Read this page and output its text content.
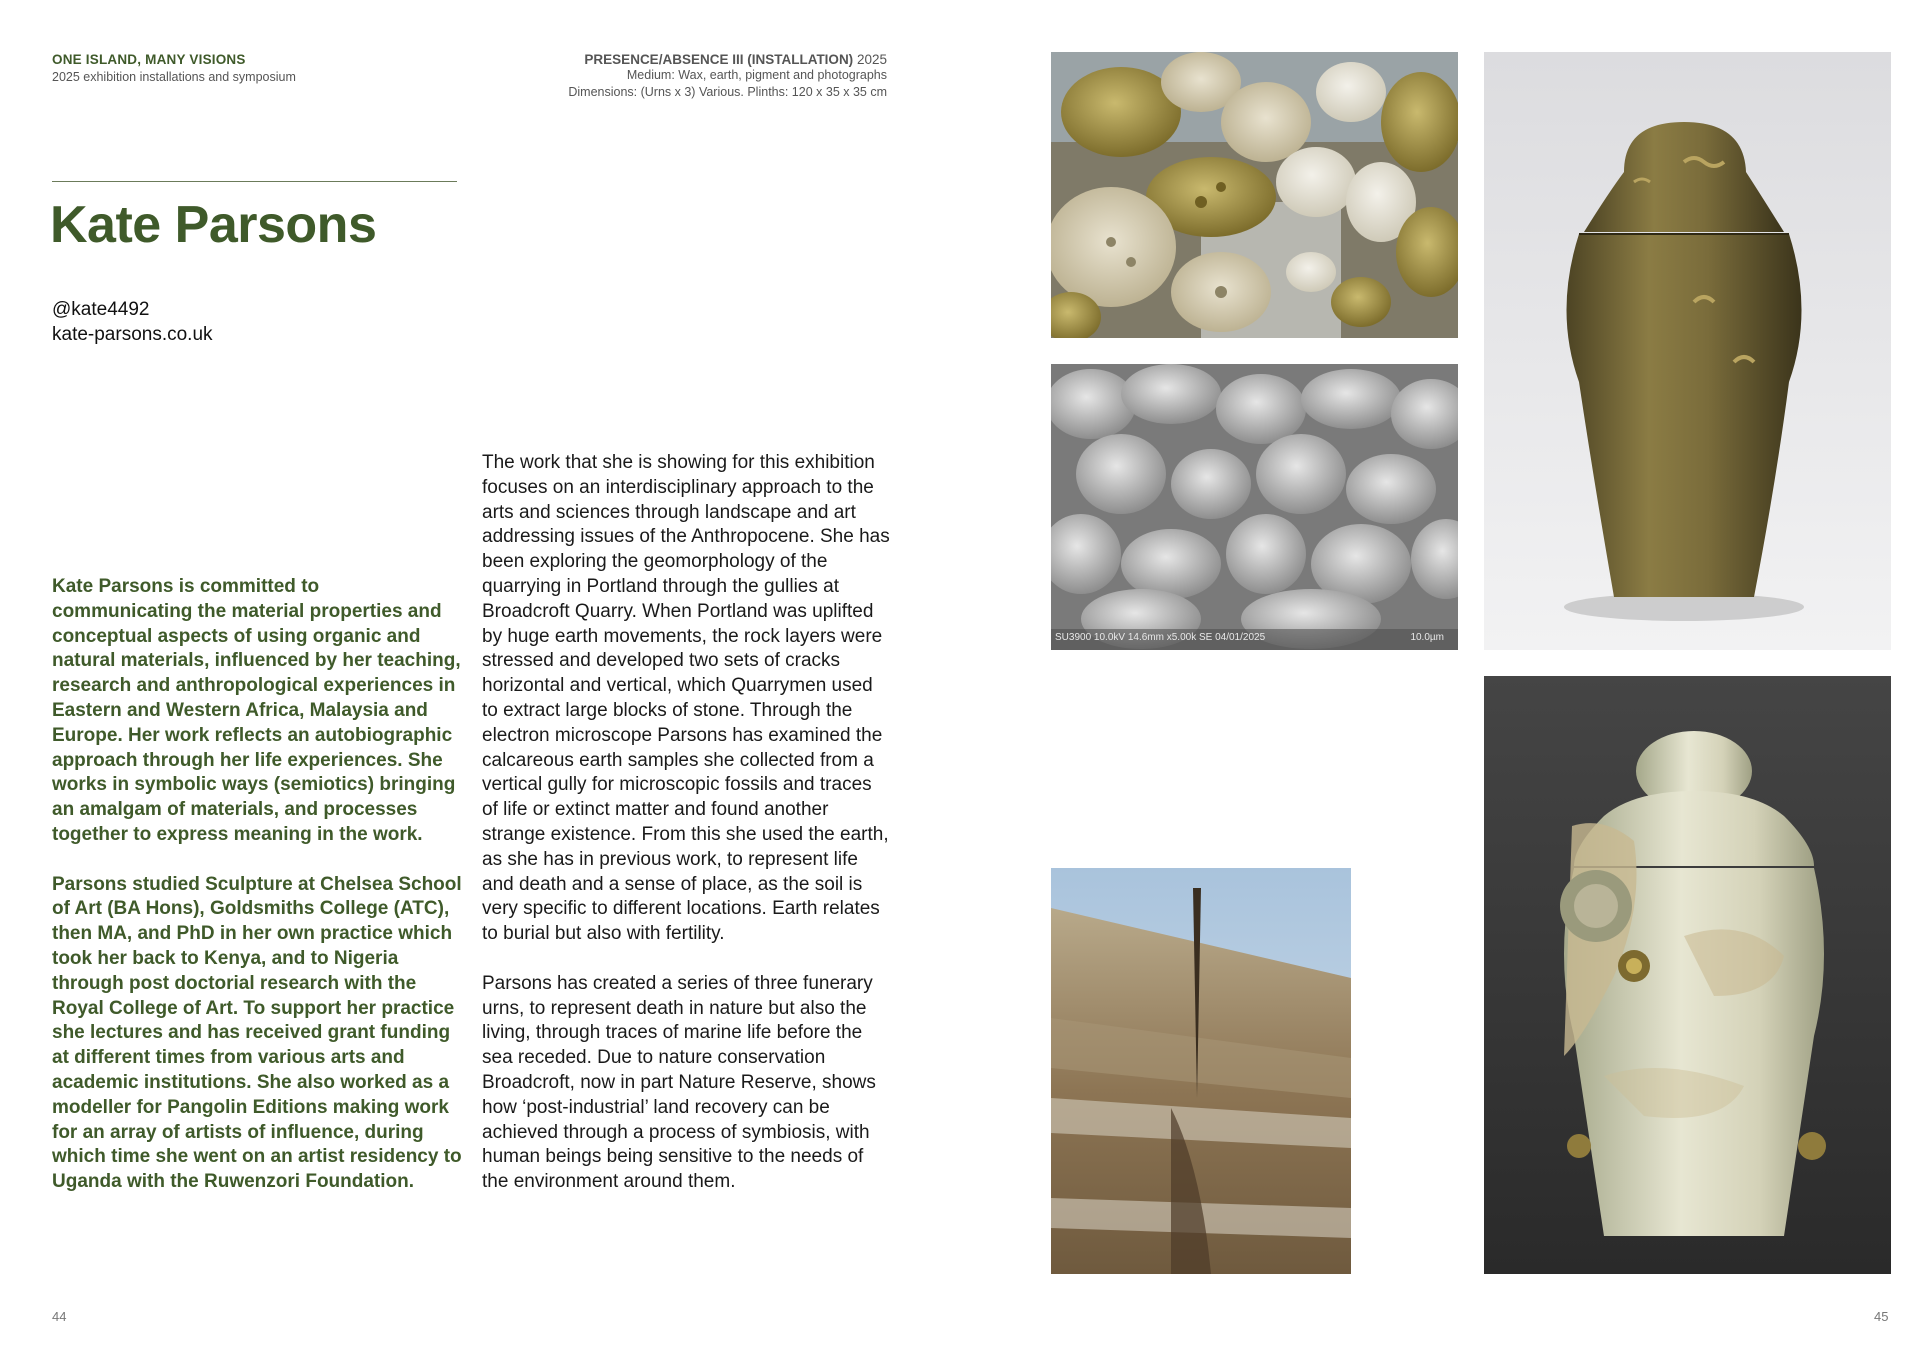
ONE ISLAND, MANY VISIONS
2025 exhibition installations and symposium
PRESENCE/ABSENCE III (INSTALLATION) 2025
Medium: Wax, earth, pigment and photographs
Dimensions: (Urns x 3) Various. Plinths: 120 x 35 x 35 cm
Kate Parsons
@kate4492
kate-parsons.co.uk

Kate Parsons is committed to communicating the material properties and conceptual aspects of using organic and natural materials, influenced by her teaching, research and anthropological experiences in Eastern and Western Africa, Malaysia and Europe. Her work reflects an autobiographic approach through her life experiences. She works in symbolic ways (semiotics) bringing an amalgam of materials, and processes together to express meaning in the work.

Parsons studied Sculpture at Chelsea School of Art (BA Hons), Goldsmiths College (ATC), then MA, and PhD in her own practice which took her back to Kenya, and to Nigeria through post doctorial research with the Royal College of Art. To support her practice she lectures and has received grant funding at different times from various arts and academic institutions. She also worked as a modeller for Pangolin Editions making work for an array of artists of influence, during which time she went on an artist residency to Uganda with the Ruwenzori Foundation.

The work that she is showing for this exhibition focuses on an interdisciplinary approach to the arts and sciences through landscape and art addressing issues of the Anthropocene. She has been exploring the geomorphology of the quarrying in Portland through the gullies at Broadcroft Quarry. When Portland was uplifted by huge earth movements, the rock layers were stressed and developed two sets of cracks horizontal and vertical, which Quarrymen used to extract large blocks of stone. Through the electron microscope Parsons has examined the calcareous earth samples she collected from a vertical gully for microscopic fossils and traces of life or extinct matter and found another strange existence. From this she used the earth, as she has in previous work, to represent life and death and a sense of place, as the soil is very specific to different locations. Earth relates to burial but also with fertility.

Parsons has created a series of three funerary urns, to represent death in nature but also the living, through traces of marine life before the sea receded. Due to nature conservation Broadcroft, now in part Nature Reserve, shows how ‘post-industrial’ land recovery can be achieved through a process of symbiosis, with human beings being sensitive to the needs of the environment around them.

SU3900 10.0kV 14.6mm x5.00k SE 04/01/2025	10.0µm
44	45
